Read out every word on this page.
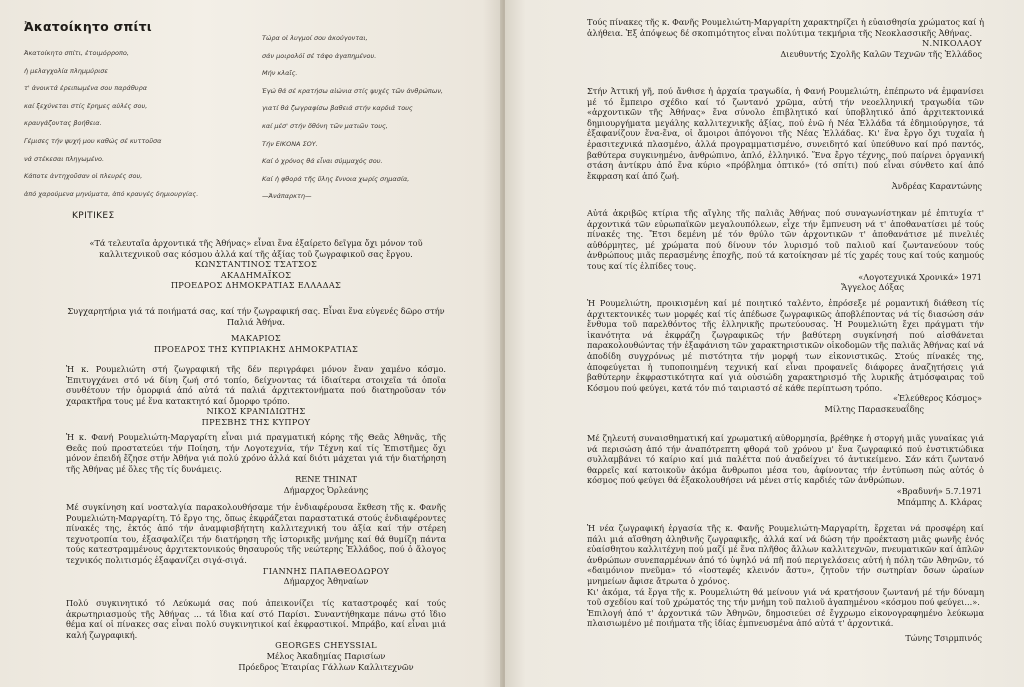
Ἀκατοίκητο σπίτι
Ἀκατοίκητο σπίτι, ἑτοιμόρροπο,
ἡ μελαγχολία πλημμύρισε
τ' ἀνοικτά ἐρειπωμένα σου παράθυρα
καί ξεχύνεται στίς ἔρημες αὐλές σου,
κραυγάζοντας βοήθεια.
Γέμισες τήν ψυχή μου καθώς σέ κυττοῦσα
νά στέκεσαι πληγωμένο.
Κάποτε ἀντηχοῦσαν οἱ πλευρές σου,
ἀπό χαρούμενα μηνύματα, ἀπό κραυγές δημιουργίας.
Τώρα οἱ λυγμοί σου ἀκούγονται,
σάν μοιρολόϊ σέ τάφο ἀγαπημένου.
Μήν κλαῖς.
Ἐγώ θά σέ κρατήσω αἰώνια στίς ψυχές τῶν ἀνθρώπων,
γιατί θά ζωγραφίσω βαθειά στήν καρδιά τους
καί μέσ' στήν ὄθόνη τῶν ματιῶν τους,
Τήν ΕΙΚΟΝΑ ΣΟΥ.
Καί ὁ χρόνος θά εἶναι σύμμαχός σου.
Καί ἡ φθορά τῆς ὕλης ἔννοια χωρίς σημασία,
—Ἀνάπαρκτη—
ΚΡΙΤΙΚΕΣ
«Τά τελευταῖα ἀρχοντικά τῆς Ἀθήνας» εἶναι ἕνα ἐξαίρετο δεῖγμα ὄχι μόνον τοῦ καλλιτεχνικοῦ σας κόσμου ἀλλά καί τῆς ἀξίας τοῦ ζωγραφικοῦ σας ἔργου.
ΚΩΝΣΤΑΝΤΙΝΟΣ ΤΣΑΤΣΟΣ
ΑΚΑΔΗΜΑΪΚΟΣ
ΠΡΟΕΔΡΟΣ ΔΗΜΟΚΡΑΤΙΑΣ ΕΛΛΑΔΑΣ
Συγχαρητήρια γιά τά ποιήματά σας, καί τήν ζωγραφική σας. Εἶναι ἕνα εὐγενές δῶρο στήν Παλιά Ἀθήνα.
ΜΑΚΑΡΙΟΣ
ΠΡΟΕΔΡΟΣ ΤΗΣ ΚΥΠΡΙΑΚΗΣ ΔΗΜΟΚΡΑΤΙΑΣ
Ἡ κ. Ρουμελιώτη στή ζωγραφική τῆς δέν περιγράφει μόνον ἕναν χαμένο κόσμο. Ἐπιτυγχάνει στό νά δίνη ζωή στό τοπίο, δείχνοντας τά ἰδιαίτερα στοιχεῖα τά ὁποῖα συνθέτουν τήν ὁμορφιά ἀπό αὐτά τά παλιά ἀρχιτεκτονήματα πού διατηροῦσαν τόν χαρακτῆρα τους μέ ἕνα κατακτητό καί ὄμορφο τρόπο.
ΝΙΚΟΣ ΚΡΑΝΙΔΙΩΤΗΣ
ΠΡΕΣΒΗΣ ΤΗΣ ΚΥΠΡΟΥ
Ἡ κ. Φανή Ρουμελιώτη-Μαργαρίτη εἶναι μιά πραγματική κόρης τῆς Θεᾶς Ἀθηνᾶς, τῆς Θεᾶς πού προστατεύει τήν Ποίηση, τήν Λογοτεχνία, τήν Τέχνη καί τίς Ἐπιστῆμες ὄχι μόνον ἐπειδή ἔζησε στήν Ἀθήνα γιά πολύ χρόνο ἀλλά καί διότι μάχεται γιά τήν διατήρηση τῆς Ἀθήνας μέ ὅλες τῆς τίς δυνάμεις.
RENE THINAT
Δήμαρχος Ὀρλεάνης
Μέ συγκίνηση καί νοσταλγία παρακολουθήσαμε τήν ἐνδιαφέρουσα ἔκθεση τῆς κ. Φανῆς Ρουμελιώτη-Μαργαρίτη. Τό ἔργο της, ὅπως ἐκφράζεται παραστατικά στούς ἐνδιαφέροντες πίνακές της, ἐκτός ἀπό τήν ἀναμφισβήτητη καλλιτεχνική του ἀξία καί τήν στέρεη τεχνοτροπία του, ἐξασφαλίζει τήν διατήρηση τῆς ἱστορικῆς μνήμης καί θά θυμίζη πάντα τούς κατεστραμμένους ἀρχιτεκτονικούς θησαυρούς τῆς νεώτερης Ἑλλάδος, πού ὁ ἄλογος τεχνικός πολιτισμός ἐξαφανίζει σιγά-σιγά.
ΓΙΑΝΝΗΣ ΠΑΠΑΘΕΟΔΩΡΟΥ
Δήμαρχος Ἀθηναίων
Πολύ συγκινητικό τό Λεύκωμά σας πού ἀπεικονίζει τίς καταστροφές καί τούς ἀκρωτηριασμούς τῆς Ἀθήνας ... τά ἴδια καί στό Παρίσι. Συναντήθηκαμε πάνω στό ἴδιο θέμα καί οἱ πίνακες σας εἶναι πολύ συγκινητικοί καί ἐκφραστικοί. Μπράβο, καί εἶναι μιά καλή ζωγραφική.
GEORGES CHEYSSIAL
Μέλος Ἀκαδημίας Παρισίων
Πρόεδρος Ἑταιρίας Γάλλων Καλλιτεχνῶν
Τούς πίνακες τῆς κ. Φανῆς Ρουμελιώτη-Μαργαρίτη χαρακτηρίζει ἡ εὐαισθησία χρώματος καί ἡ ἀλήθεια. Ἐξ ἀπόψεως δέ σκοπιμότητος εἶναι πολύτιμα τεκμήρια τῆς Νεοκλασσικῆς Ἀθήνας.
Ν.ΝΙΚΟΛΑΟΥ
Διευθυντής Σχολῆς Καλῶν Τεχνῶν τῆς Ἑλλάδος
Στήν Ἀττική γῆ, πού ἄνθισε ἡ ἀρχαία τραγωδία, ἡ Φανή Ρουμελιώτη, ἐπέπρωτο νά ἐμφανίσει μέ τό ἔμπειρο σχέδιο καί τό ζωντανό χρῶμα, αὐτή τήν νεοελληνική τραγωδία τῶν «ἀρχοντικῶν τῆς Ἀθήνας» ἕνα σύνολο ἐπιβλητικό καί ὑποβλητικό ἀπό ἀρχιτεκτονικά δημιουργήματα μεγάλης καλλιτεχνικῆς ἀξίας, πού ἐνῶ ἡ Νέα Ἑλλάδα τά ἐδημιούργησε, τά ἐξαφανίζουν ἕνα-ἕνα, οἱ ἄμοιροι ἀπόγονοι τῆς Νέας Ἑλλάδας. Κι' ἕνα ἔργο ὄχι τυχαῖα ἡ ἐρασιτεχνικά πλασμένο, ἀλλά προγραμματισμένο, συνειδητό καί ὑπεύθυνο καί πρό παντός, βαθύτερα συγκινημένο, ἀνθρώπινο, ἁπλό, ἑλληνικό. Ἕνα ἔργο τέχνης, πού παίρνει ὀργανική στάση ἀντίκρυ ἀπό ἕνα κύριο «πρόβλημα ὀπτικό» (τό σπίτι) πού εἶναι σύνθετο καί ἀπό ἔκφραση καί ἀπό ζωή.
Ἀνδρέας Καραντώνης
Αὐτά ἀκριβῶς κτίρια τῆς αἴγλης τῆς παλιᾶς Ἀθήνας πού συναγωνίστηκαν μέ ἐπιτυχία τ' ἀρχοντικά τῶν εὐρωπαϊκῶν μεγαλουπόλεων, εἶχε τήν ἔμπνευση νά τ' ἀποθανατίσει μέ τούς πίνακές της. Ἔτσι δεμένη μέ τόν θρύλο τῶν ἀρχοντικῶν τ' ἀποθανάτισε μέ πινελιές αὐθόρμητες, μέ χρώματα πού δίνουν τόν λυρισμό τοῦ παλιοῦ καί ζωντανεύουν τούς ἀνθρώπους μιᾶς περασμένης ἐποχῆς, πού τά κατοίκησαν μέ τίς χαρές τους καί τούς καημούς τους καί τίς ἐλπίδες τους.
«Λογοτεχνικά Χρονικά» 1971
Ἄγγελος Δόξας
Ἡ Ρουμελιώτη, προικισμένη καί μέ ποιητικό ταλέντο, ἐπρόσεξε μέ ρομαντική διάθεση τίς ἀρχιτεκτονικές των μορφές καί τίς ἀπέδωσε ζωγραφικῶς ἀποβλέποντας νά τίς διασώση σάν ἔνθυμα τοῦ παρελθόντος τῆς ἑλληνικῆς πρωτεύουσας. Ἡ Ρουμελιώτη ἔχει πράγματι τήν ἱκανότητα νά ἐκφράζη ζωγραφικῶς τήν βαθύτερη συγκίνησή πού αἰσθάνεται παρακολουθώντας τήν ἐξαφάνιση τῶν χαρακτηριστικῶν οἰκοδομῶν τῆς παλιᾶς Ἀθήνας καί νά ἀποδίδη συγχρόνως μέ πιστότητα τήν μορφή των εἰκονιστικῶς. Στούς πίνακές της, ἀποφεύγεται ἡ τυποποιημένη τεχνική καί εἶναι προφανεῖς διάφορες ἀναζητήσεις γιά βαθύτερην ἐκφραστικότητα καί γιά οὐσιώδη χαρακτηρισμό τῆς λυρικῆς ἀτμόσφαιρας τοῦ Κόσμου πού φεύγει, κατά τόν πιό ταιριαστό σέ κάθε περίπτωση τρόπο.
«Ἐλεύθερος Κόσμος»
Μίλτης Παρασκευαΐδης
Μέ ζηλευτή συναισθηματική καί χρωματική αὐθορμησία, βρέθηκε ἡ στοργή μιᾶς γυναίκας γιά νά περισώση ἀπό τήν ἀναπότρεπτη φθορά τοῦ χρόνου μ' ἕνα ζωγραφικό πού ἐνστικτώδικα συλλαμβάνει τό καίριο καί μιά παλέττα πού ἀναδείχνει τό ἀντικείμενο. Σάν κάτι ζωντανό θαρρεῖς καί κατοικοῦν ἀκόμα ἄνθρωποι μέσα του, ἀφίνοντας τήν ἐντύπωση πώς αὐτός ὁ κόσμος πού φεύγει θά ἐξακολουθήσει νά μένει στίς καρδιές τῶν ἀνθρώπων.
«Βραδυνή» 5.7.1971
Μπάμπης Δ. Κλάρας
Ἡ νέα ζωγραφική ἐργασία τῆς κ. Φανῆς Ρουμελιώτη-Μαργαρίτη, ἔρχεται νά προσφέρη καί πάλι μιά αἴσθηση ἀληθινῆς ζωγραφικῆς, ἀλλά καί νά δώση τήν προέκταση μιᾶς φωνῆς ἐνός εὐαίσθητου καλλιτέχνη πού μαζί μέ ἕνα πλῆθος ἄλλων καλλιτεχνῶν, πνευματικῶν καί ἁπλῶν ἀνθρώπων συνεπαρμένων ἀπό τό ὑψηλό νά πῆ πού περιγελάσεις αὐτή ἡ πόλη τῶν Ἀθηνῶν, τό «δαιμόνιον πνεῦμα» τό «ἰοστεφές κλεινόν ἄστυ», ζητοῦν τήν σωτηρίαν ὅσων ὡραίων μνημείων ἄφισε ἄτρωτα ὁ χρόνος.
Κι' ἀκόμα, τά ἔργα τῆς κ. Ρουμελιώτη θά μείνουν γιά νά κρατήσουν ζωντανή μέ τήν δύναμη τοῦ σχεδίου καί τοῦ χρώματός της τήν μνήμη τοῦ παλιοῦ ἀγαπημένου «κόσμου πού φεύγει...».
Ἐπιλογή ἀπό τ' ἀρχοντικά τῶν Ἀθηνῶν, δημοσιεύει σέ ἔγχρωμο εἰκονογραφημένο λεύκωμα πλαισιωμένο μέ ποιήματα τῆς ἰδίας ἐμπνευσμένα ἀπό αὐτά τ' ἀρχοντικά.
Τώνης Τσιρμπινός
